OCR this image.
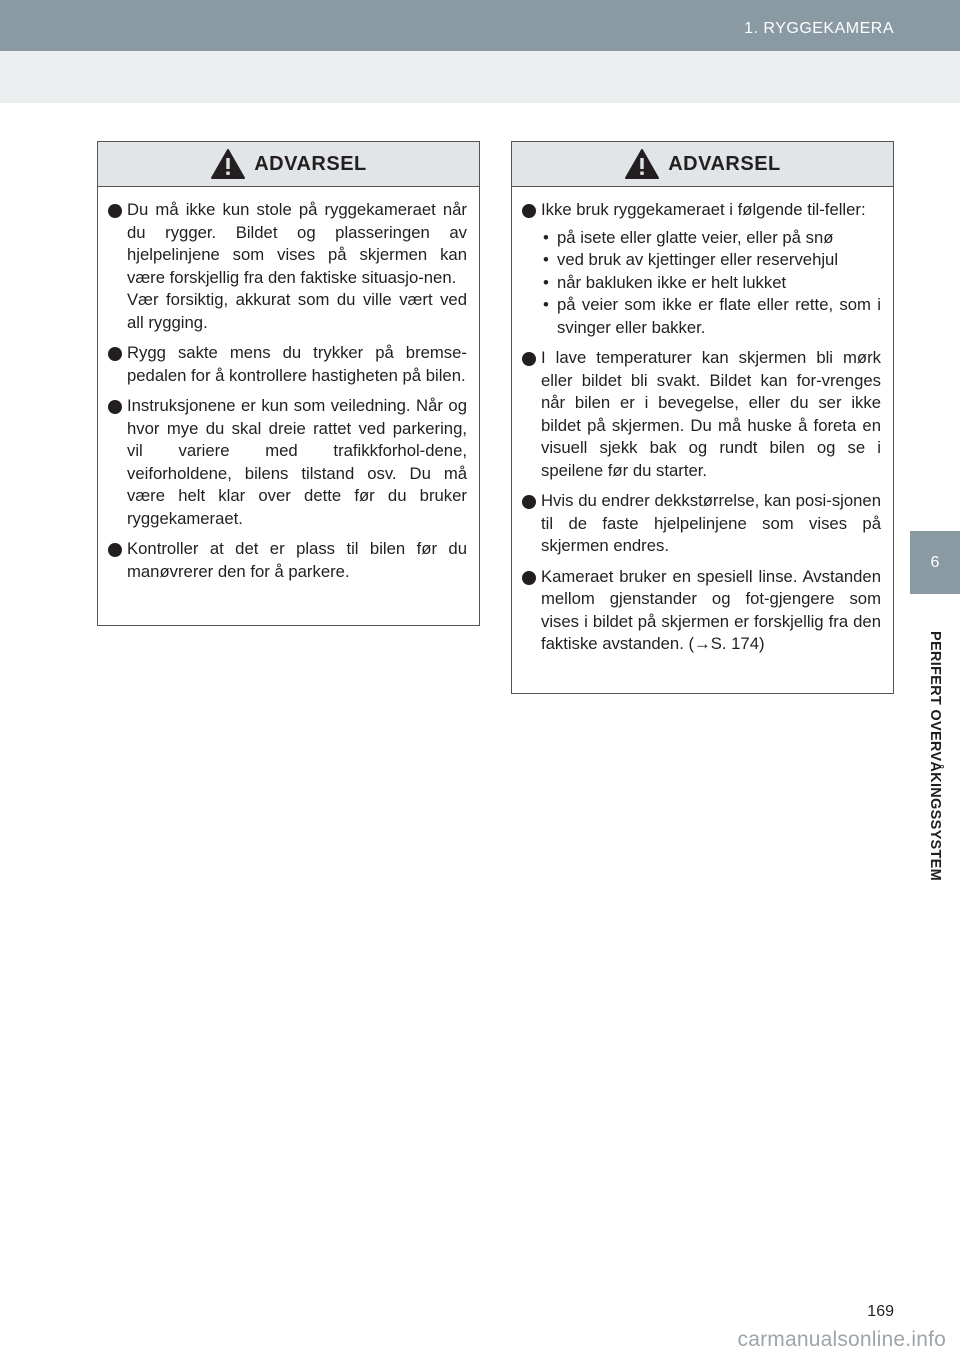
1. RYGGEKAMERA
6
PERIFERT OVERVÅKINGSSYSTEM
ADVARSEL
Du må ikke kun stole på ryggekameraet når du rygger. Bildet og plasseringen av hjelpelinjene som vises på skjermen kan være forskjellig fra den faktiske situasjo-nen.
Vær forsiktig, akkurat som du ville vært ved all rygging.
Rygg sakte mens du trykker på bremse-pedalen for å kontrollere hastigheten på bilen.
Instruksjonene er kun som veiledning. Når og hvor mye du skal dreie rattet ved parkering, vil variere med trafikkforhol-dene, veiforholdene, bilens tilstand osv. Du må være helt klar over dette før du bruker ryggekameraet.
Kontroller at det er plass til bilen før du manøvrerer den for å parkere.
ADVARSEL
Ikke bruk ryggekameraet i følgende til-feller:
• på isete eller glatte veier, eller på snø
• ved bruk av kjettinger eller reservehjul
• når bakluken ikke er helt lukket
• på veier som ikke er flate eller rette, som i svinger eller bakker.
I lave temperaturer kan skjermen bli mørk eller bildet bli svakt. Bildet kan for-vrenges når bilen er i bevegelse, eller du ser ikke bildet på skjermen. Du må huske å foreta en visuell sjekk bak og rundt bilen og se i speilene før du starter.
Hvis du endrer dekkstørrelse, kan posi-sjonen til de faste hjelpelinjene som vises på skjermen endres.
Kameraet bruker en spesiell linse. Avstanden mellom gjenstander og fot-gjengere som vises i bildet på skjermen er forskjellig fra den faktiske avstanden. (→S. 174)
169
carmanualsonline.info
